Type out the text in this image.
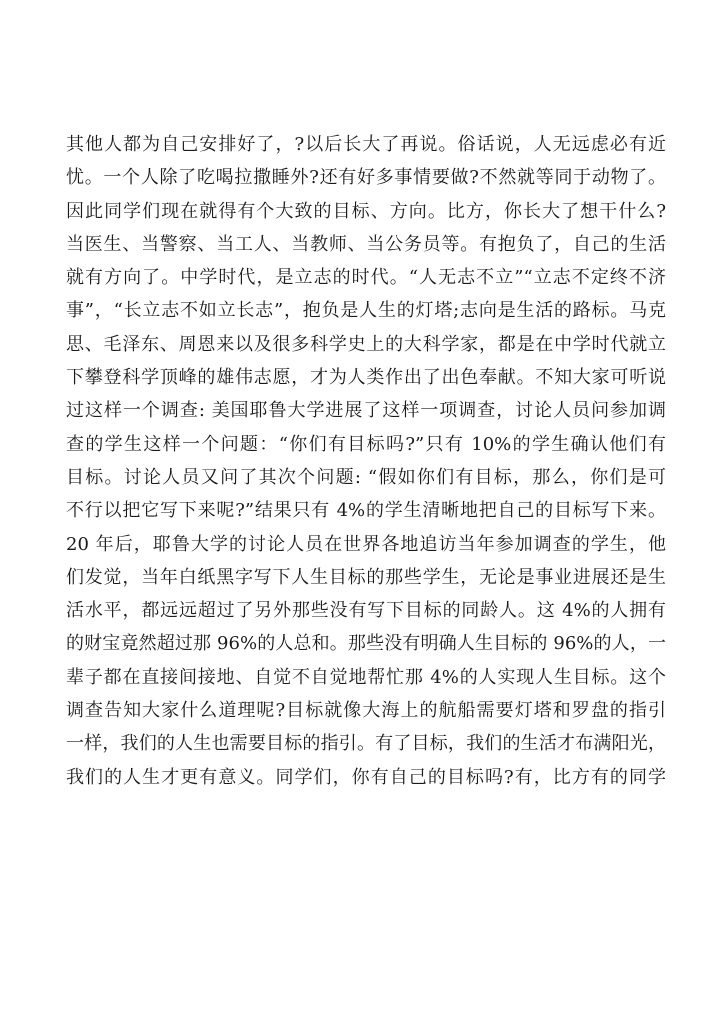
其他人都为自己安排好了，?以后长大了再说。俗话说，人无远虑必有近
忧。一个人除了吃喝拉撒睡外?还有好多事情要做?不然就等同于动物了。
因此同学们现在就得有个大致的目标、方向。比方，你长大了想干什么?
当医生、当警察、当工人、当教师、当公务员等。有抱负了，自己的生活
就有方向了。中学时代，是立志的时代。“人无志不立”“立志不定终不济
事”，“长立志不如立长志”，抱负是人生的灯塔;志向是生活的路标。马克
思、毛泽东、周恩来以及很多科学史上的大科学家，都是在中学时代就立
下攀登科学顶峰的雄伟志愿，才为人类作出了出色奉献。不知大家可听说
过这样一个调查: 美国耶鲁大学进展了这样一项调查，讨论人员问参加调
查的学生这样一个问题：“你们有目标吗?”只有 10%的学生确认他们有
目标。讨论人员又问了其次个问题: “假如你们有目标，那么，你们是可
不行以把它写下来呢?”结果只有 4%的学生清晰地把自己的目标写下来。
20 年后，耶鲁大学的讨论人员在世界各地追访当年参加调查的学生，他
们发觉，当年白纸黑字写下人生目标的那些学生，无论是事业进展还是生
活水平，都远远超过了另外那些没有写下目标的同龄人。这 4%的人拥有
的财宝竟然超过那 96%的人总和。那些没有明确人生目标的 96%的人，一
辈子都在直接间接地、自觉不自觉地帮忙那 4%的人实现人生目标。这个
调查告知大家什么道理呢?目标就像大海上的航船需要灯塔和罗盘的指引
一样，我们的人生也需要目标的指引。有了目标，我们的生活才布满阳光，
我们的人生才更有意义。同学们，你有自己的目标吗?有，比方有的同学
